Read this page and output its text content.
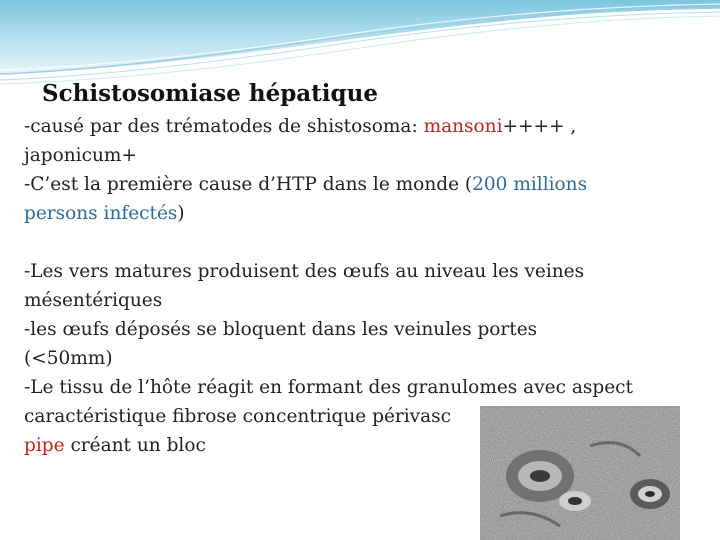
Schistosomiase hépatique

-causé par des trématodes de shistosoma: mansoni++++ ,

japonicum+

-C’est la première cause d’HTP dans le monde (200 millions

persons infectés)

-Les vers matures produisent des œufs au niveau les veines

mésentériques

-les œufs déposés se bloquent dans les veinules portes

(<50mm)

-Le tissu de l’hôte réagit en formant des granulomes avec aspect

caractéristique fibrose concentrique périvasc

pipe créant un bloc
